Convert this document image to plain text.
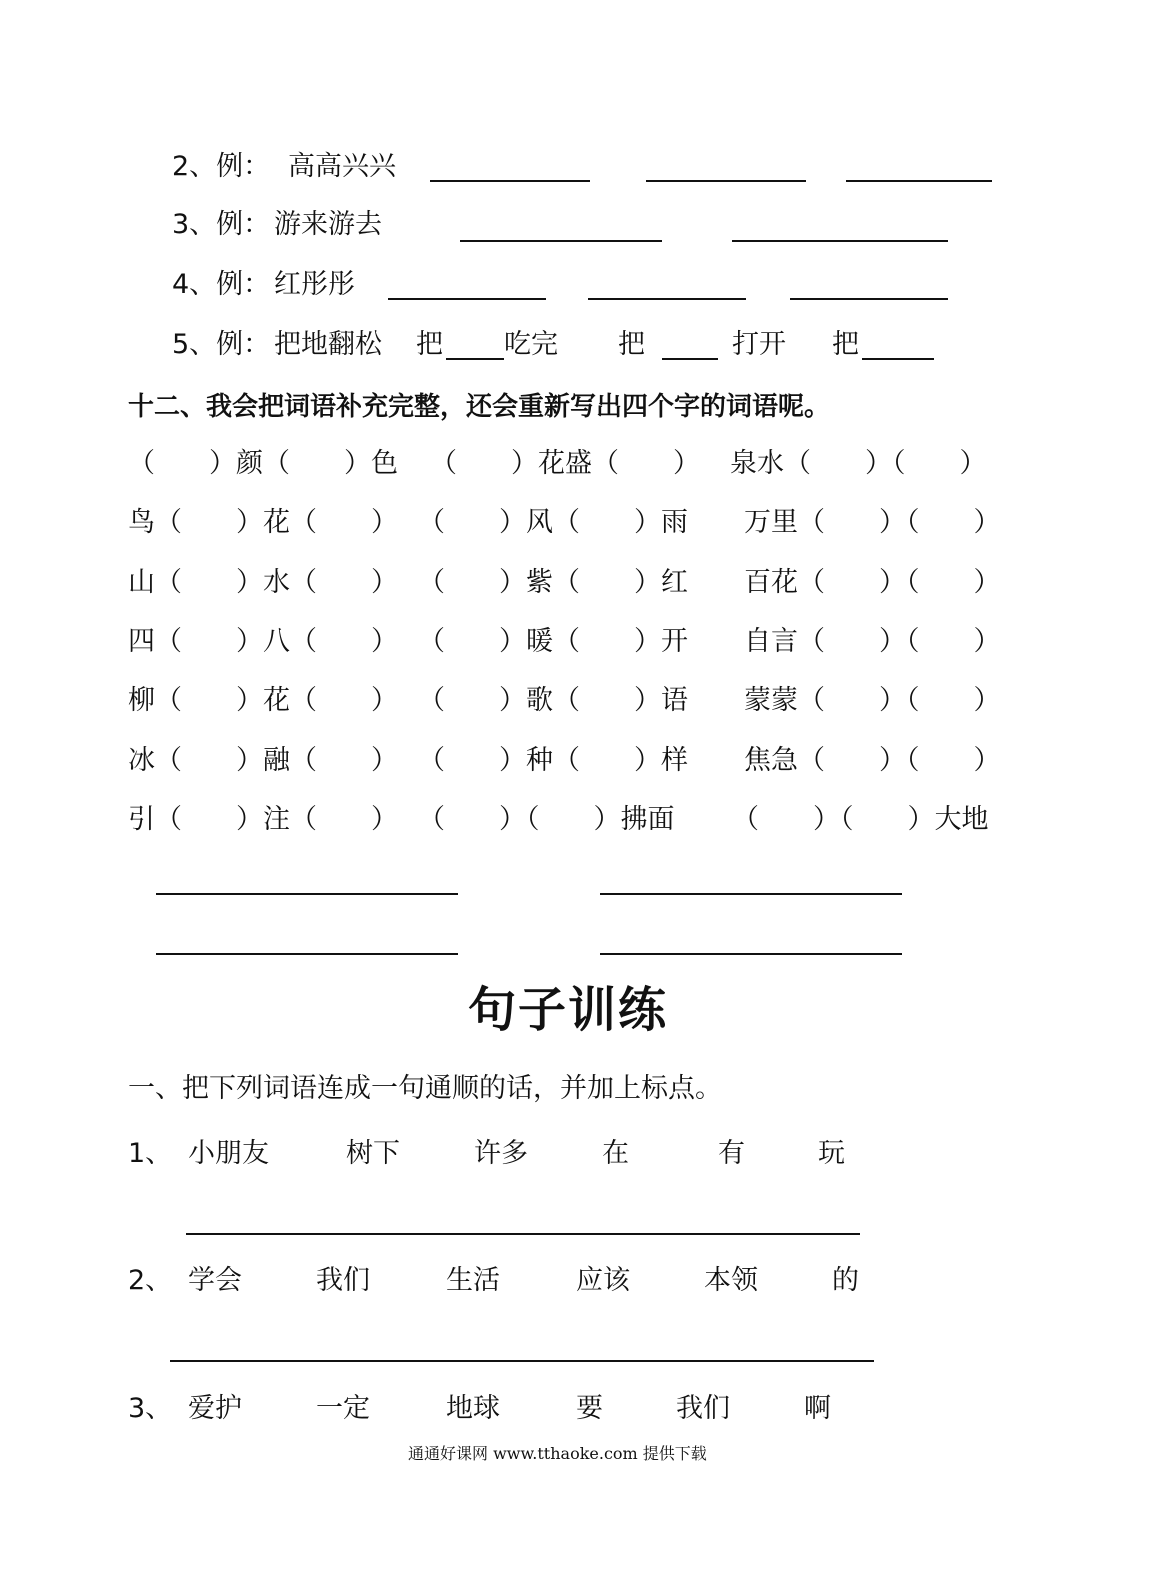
2、例： 高高兴兴
3、例： 游来游去
4、例： 红彤彤
5、例： 把地翻松 把 吃完 把	打开 把
十二、我会把词语补充完整，还会重新写出四个字的词语呢。
（　　）颜（　　）色 （　　）花盛（　　） 泉水（　　）（　　）
鸟（　　）花（　　） （　　）风（　　）雨 万里（　　）（　　）
山（　　）水（　　） （　　）紫（　　）红 百花（　　）（　　）
四（　　）八（　　） （　　）暖（　　）开 自言（　　）（　　）
柳（　　）花（　　） （　　）歌（　　）语 蒙蒙（　　）（　　）
冰（　　）融（　　） （　　）种（　　）样 焦急（　　）（　　）
引（　　）注（　　） （　　）（　　）拂面 （　　）（　　）大地
句子训练
一、把下列词语连成一句通顺的话，并加上标点。
1、 小朋友	树下	许多	在	有	玩
2、 学会	我们	生活	应该	本领	的
3、 爱护	一定	地球	要	我们	啊
通通好课网 www.tthaoke.com 提供下载
